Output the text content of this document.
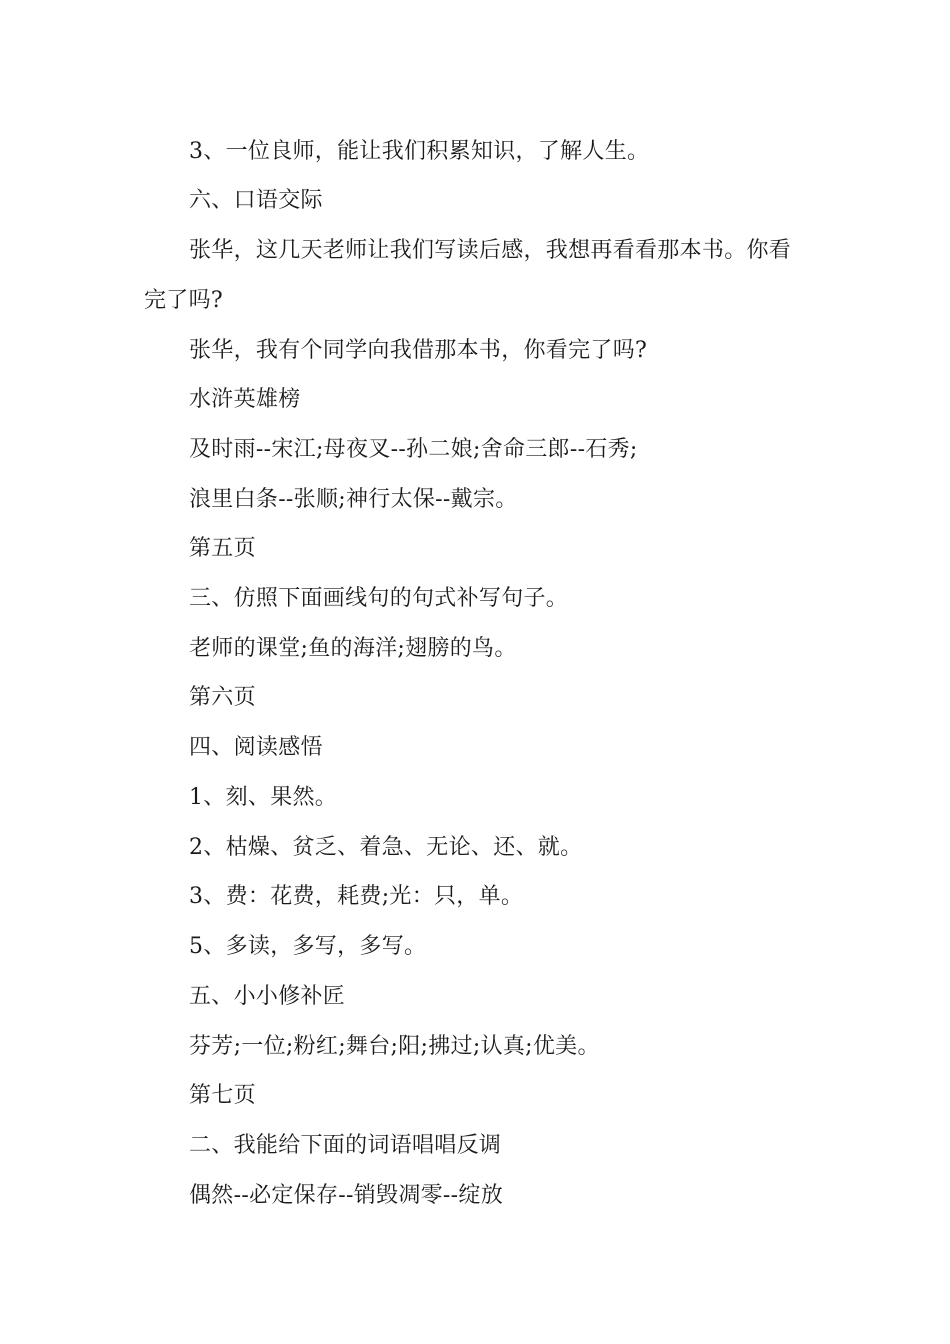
3、一位良师，能让我们积累知识，了解人生。
六、口语交际
张华，这几天老师让我们写读后感，我想再看看那本书。你看
完了吗?
张华，我有个同学向我借那本书，你看完了吗?
水浒英雄榜
及时雨--宋江;母夜叉--孙二娘;舍命三郎--石秀;
浪里白条--张顺;神行太保--戴宗。
第五页
三、仿照下面画线句的句式补写句子。
老师的课堂;鱼的海洋;翅膀的鸟。
第六页
四、阅读感悟
1、刻、果然。
2、枯燥、贫乏、着急、无论、还、就。
3、费：花费，耗费;光：只，单。
5、多读，多写，多写。
五、小小修补匠
芬芳;一位;粉红;舞台;阳;拂过;认真;优美。
第七页
二、我能给下面的词语唱唱反调
偶然--必定保存--销毁凋零--绽放
